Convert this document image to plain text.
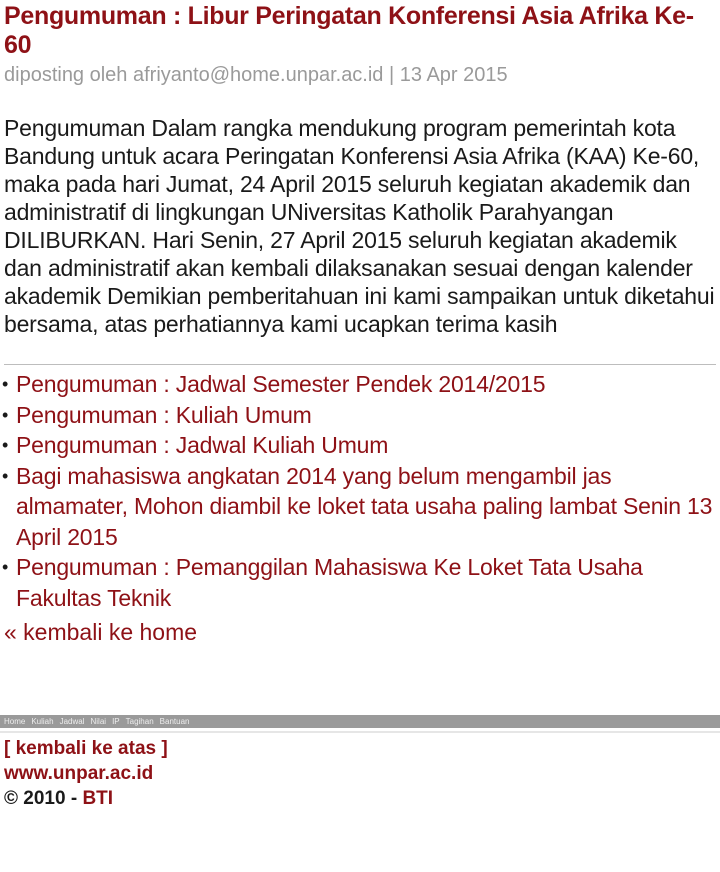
Pengumuman : Libur Peringatan Konferensi Asia Afrika Ke-60
diposting oleh afriyanto@home.unpar.ac.id | 13 Apr 2015
Pengumuman Dalam rangka mendukung program pemerintah kota Bandung untuk acara Peringatan Konferensi Asia Afrika (KAA) Ke-60, maka pada hari Jumat, 24 April 2015 seluruh kegiatan akademik dan administratif di lingkungan UNiversitas Katholik Parahyangan DILIBURKAN. Hari Senin, 27 April 2015 seluruh kegiatan akademik dan administratif akan kembali dilaksanakan sesuai dengan kalender akademik Demikian pemberitahuan ini kami sampaikan untuk diketahui bersama, atas perhatiannya kami ucapkan terima kasih
• Pengumuman : Jadwal Semester Pendek 2014/2015
• Pengumuman : Kuliah Umum
• Pengumuman : Jadwal Kuliah Umum
• Bagi mahasiswa angkatan 2014 yang belum mengambil jas almamater, Mohon diambil ke loket tata usaha paling lambat Senin 13 April 2015
• Pengumuman : Pemanggilan Mahasiswa Ke Loket Tata Usaha Fakultas Teknik
« kembali ke home
Home Kuliah Jadwal Nilai IP Tagihan Bantuan
[ kembali ke atas ]
www.unpar.ac.id
© 2010 - BTI
